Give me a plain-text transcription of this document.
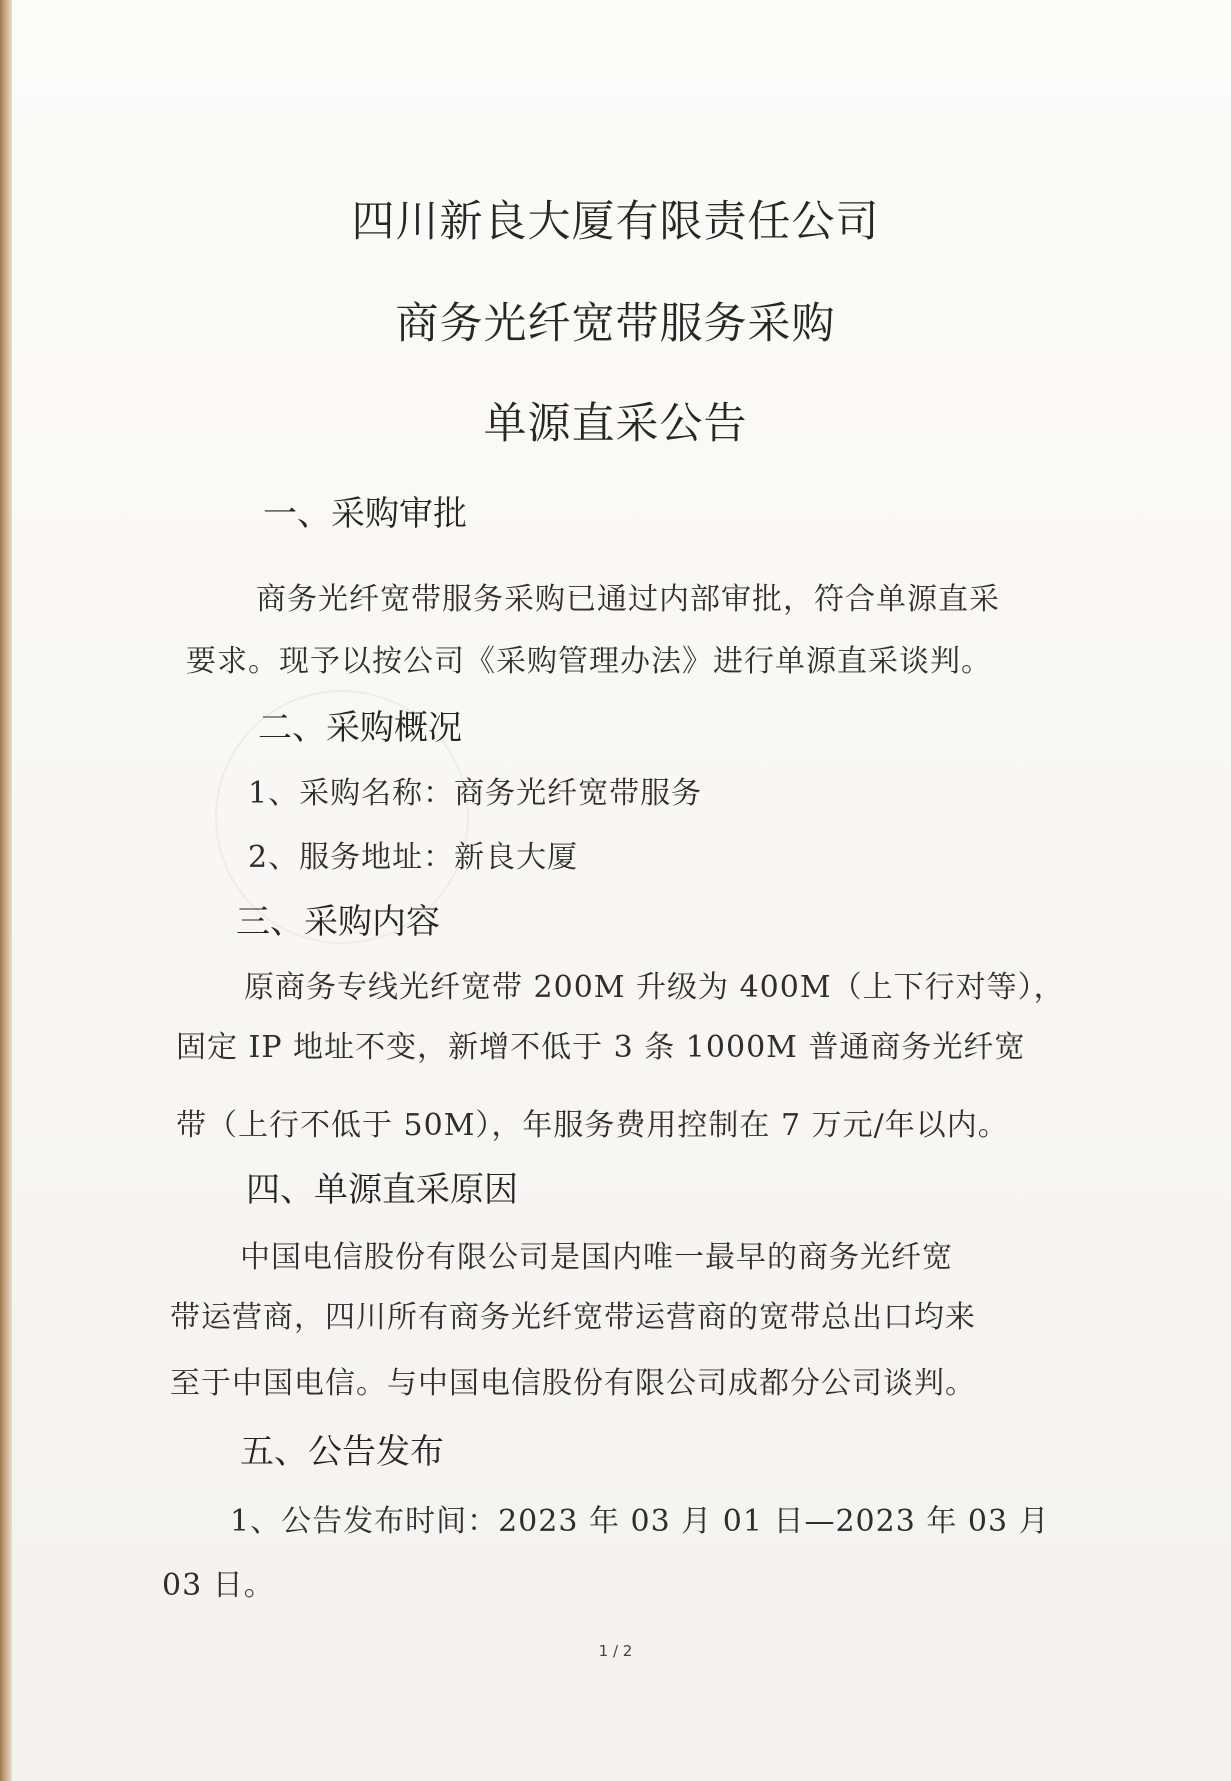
四川新良大厦有限责任公司
商务光纤宽带服务采购
单源直采公告
一、采购审批
商务光纤宽带服务采购已通过内部审批，符合单源直采
要求。现予以按公司《采购管理办法》进行单源直采谈判。
二、采购概况
1、采购名称：商务光纤宽带服务
2、服务地址：新良大厦
三、采购内容
原商务专线光纤宽带 200M 升级为 400M（上下行对等），
固定 IP 地址不变，新增不低于 3 条 1000M 普通商务光纤宽
带（上行不低于 50M），年服务费用控制在 7 万元/年以内。
四、单源直采原因
中国电信股份有限公司是国内唯一最早的商务光纤宽
带运营商，四川所有商务光纤宽带运营商的宽带总出口均来
至于中国电信。与中国电信股份有限公司成都分公司谈判。
五、公告发布
1、公告发布时间：2023 年 03 月 01 日—2023 年 03 月
03 日。
1 / 2
